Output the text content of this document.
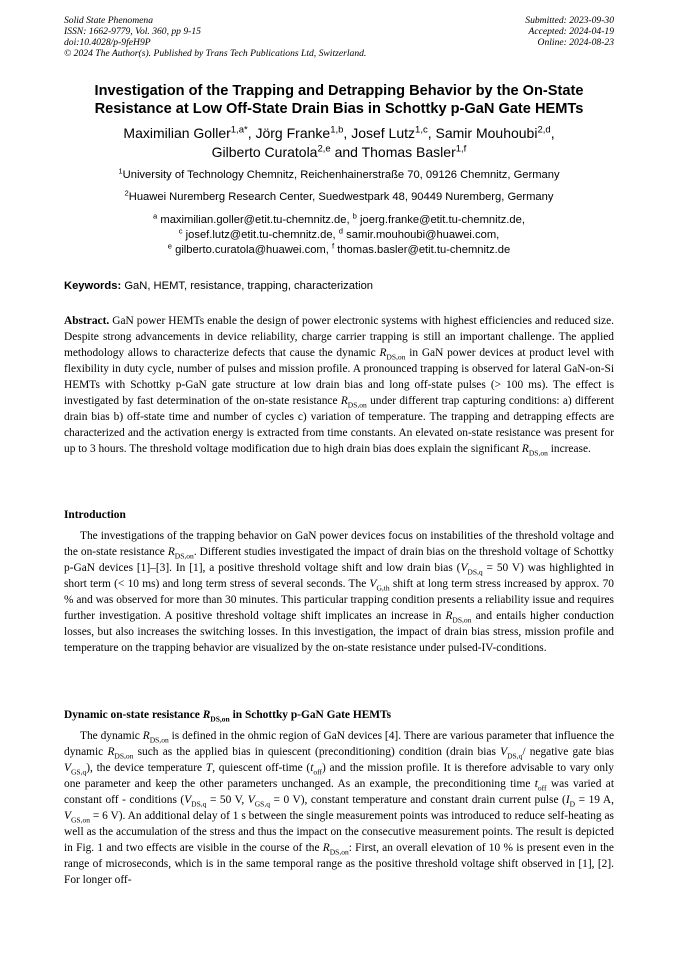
Solid State Phenomena
ISSN: 1662-9779, Vol. 360, pp 9-15
doi:10.4028/p-9feH9P
© 2024 The Author(s). Published by Trans Tech Publications Ltd, Switzerland.
Submitted: 2023-09-30
Accepted: 2024-04-19
Online: 2024-08-23
Investigation of the Trapping and Detrapping Behavior by the On-State
Resistance at Low Off-State Drain Bias in Schottky p-GaN Gate HEMTs
Maximilian Goller$^{1,a*}$, Jörg Franke$^{1,b}$, Josef Lutz$^{1,c}$, Samir Mouhoubi$^{2,d}$,
Gilberto Curatola$^{2,e}$ and Thomas Basler$^{1,f}$
$^1$University of Technology Chemnitz, Reichenhainerstraße 70, 09126 Chemnitz, Germany
$^2$Huawei Nuremberg Research Center, Suedwestpark 48, 90449 Nuremberg, Germany
$^a$ maximilian.goller@etit.tu-chemnitz.de, $^b$ joerg.franke@etit.tu-chemnitz.de,
$^c$ josef.lutz@etit.tu-chemnitz.de, $^d$ samir.mouhoubi@huawei.com,
$^e$ gilberto.curatola@huawei.com, $^f$ thomas.basler@etit.tu-chemnitz.de
Keywords: GaN, HEMT, resistance, trapping, characterization
Abstract. GaN power HEMTs enable the design of power electronic systems with highest efficiencies and reduced size. Despite strong advancements in device reliability, charge carrier trapping is still an important challenge. The applied methodology allows to characterize defects that cause the dynamic $R_{DS,on}$ in GaN power devices at product level with flexibility in duty cycle, number of pulses and mission profile. A pronounced trapping is observed for lateral GaN-on-Si HEMTs with Schottky p-GaN gate structure at low drain bias and long off-state pulses (> 100 ms). The effect is investigated by fast determination of the on-state resistance $R_{DS,on}$ under different trap capturing conditions: a) different drain bias b) off-state time and number of cycles c) variation of temperature. The trapping and detrapping effects are characterized and the activation energy is extracted from time constants. An elevated on-state resistance was present for up to 3 hours. The threshold voltage modification due to high drain bias does explain the significant $R_{DS,on}$ increase.
Introduction
The investigations of the trapping behavior on GaN power devices focus on instabilities of the threshold voltage and the on-state resistance $R_{DS,on}$. Different studies investigated the impact of drain bias on the threshold voltage of Schottky p-GaN devices [1]–[3]. In [1], a positive threshold voltage shift and low drain bias ($V_{DS,q} = 50$ V) was highlighted in short term (< 10 ms) and long term stress of several seconds. The $V_{G,th}$ shift at long term stress increased by approx. 70 % and was observed for more than 30 minutes. This particular trapping condition presents a reliability issue and requires further investigation. A positive threshold voltage shift implicates an increase in $R_{DS,on}$ and entails higher conduction losses, but also increases the switching losses. In this investigation, the impact of drain bias stress, mission profile and temperature on the trapping behavior are visualized by the on-state resistance under pulsed-IV-conditions.
Dynamic on-state resistance $R_{DS,on}$ in Schottky p-GaN Gate HEMTs
The dynamic $R_{DS,on}$ is defined in the ohmic region of GaN devices [4]. There are various parameter that influence the dynamic $R_{DS,on}$ such as the applied bias in quiescent (preconditioning) condition (drain bias $V_{DS,q}/$ negative gate bias $V_{GS,q}$), the device temperature T, quiescent off-time $(t_{off})$ and the mission profile. It is therefore advisable to vary only one parameter and keep the other parameters unchanged. As an example, the preconditioning time $t_{off}$ was varied at constant off - conditions ($V_{DS,q} = 50$ V, $V_{GS,q} = 0$ V), constant temperature and constant drain current pulse ($I_D = 19$ A, $V_{GS,on} = 6$ V). An additional delay of 1 s between the single measurement points was introduced to reduce self-heating as well as the accumulation of the stress and thus the impact on the consecutive measurement points. The result is depicted in Fig. 1 and two effects are visible in the course of the $R_{DS,on}$: First, an overall elevation of 10 % is present even in the range of microseconds, which is in the same temporal range as the positive threshold voltage shift observed in [1], [2]. For longer off-
